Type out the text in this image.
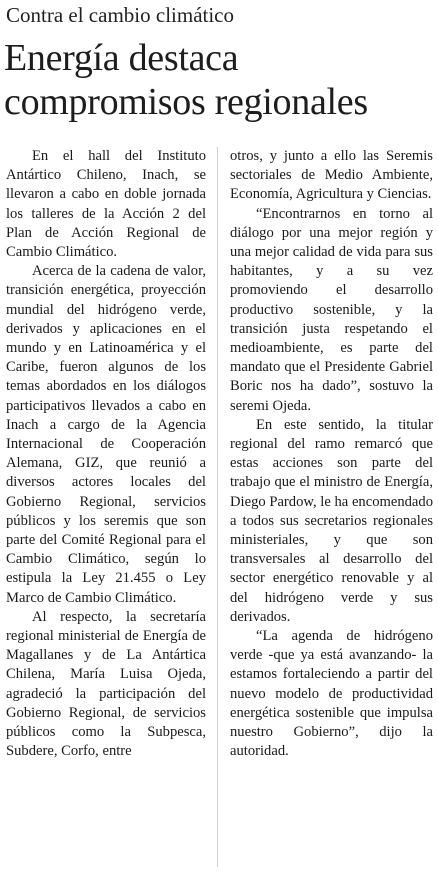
Contra el cambio climático
Energía destaca compromisos regionales

En el hall del Instituto Antártico Chileno, Inach, se llevaron a cabo en doble jornada los talleres de la Acción 2 del Plan de Acción Regional de Cambio Climático.

Acerca de la cadena de valor, transición energética, proyección mundial del hidrógeno verde, derivados y aplicaciones en el mundo y en Latinoamérica y el Caribe, fueron algunos de los temas abordados en los diálogos participativos llevados a cabo en Inach a cargo de la Agencia Internacional de Cooperación Alemana, GIZ, que reunió a diversos actores locales del Gobierno Regional, servicios públicos y los seremis que son parte del Comité Regional para el Cambio Climático, según lo estipula la Ley 21.455 o Ley Marco de Cambio Climático.

Al respecto, la secretaría regional ministerial de Energía de Magallanes y de La Antártica Chilena, María Luisa Ojeda, agradeció la participación del Gobierno Regional, de servicios públicos como la Subpesca, Subdere, Corfo, entre

otros, y junto a ello las Seremis sectoriales de Medio Ambiente, Economía, Agricultura y Ciencias.

“Encontrarnos en torno al diálogo por una mejor región y una mejor calidad de vida para sus habitantes, y a su vez promoviendo el desarrollo productivo sostenible, y la transición justa respetando el medioambiente, es parte del mandato que el Presidente Gabriel Boric nos ha dado”, sostuvo la seremi Ojeda.

En este sentido, la titular regional del ramo remarcó que estas acciones son parte del trabajo que el ministro de Energía, Diego Pardow, le ha encomendado a todos sus secretarios regionales ministeriales, y que son transversales al desarrollo del sector energético renovable y al del hidrógeno verde y sus derivados.

“La agenda de hidrógeno verde -que ya está avanzando- la estamos fortaleciendo a partir del nuevo modelo de productividad energética sostenible que impulsa nuestro Gobierno”, dijo la autoridad.
